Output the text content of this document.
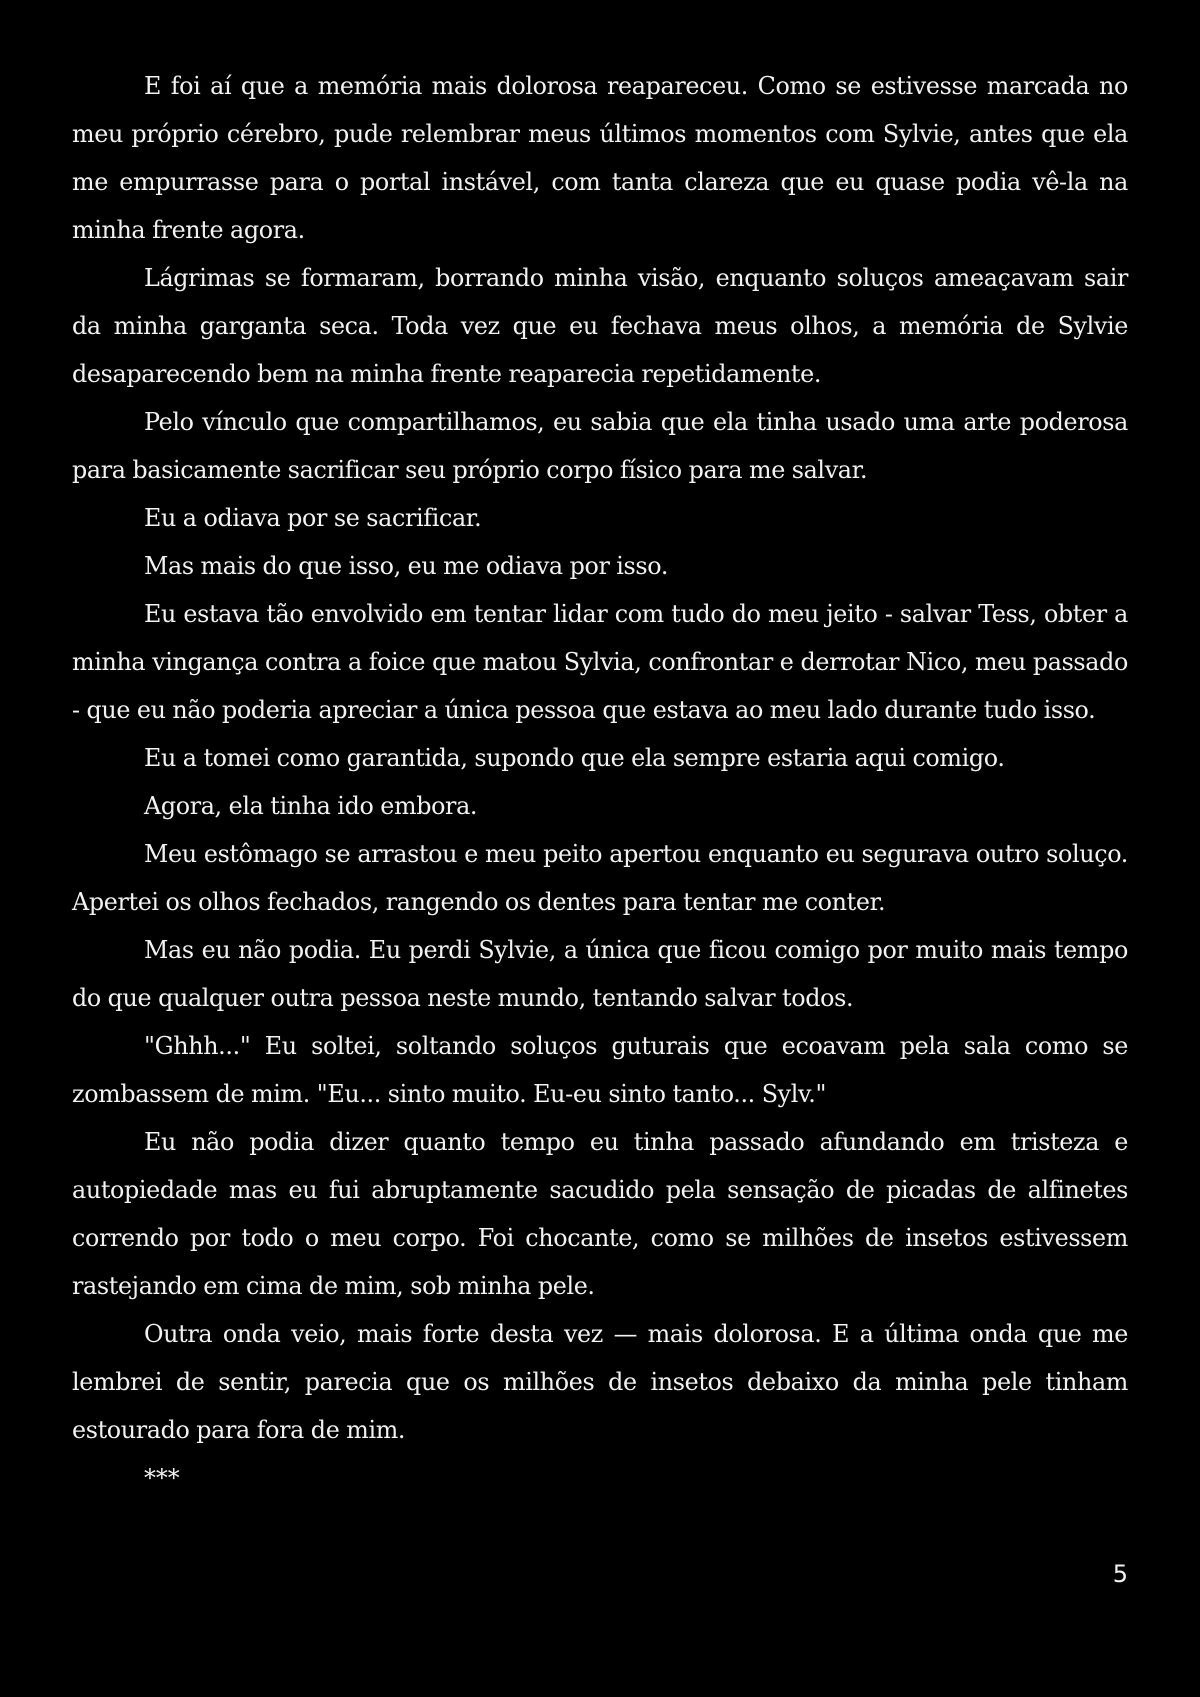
E foi aí que a memória mais dolorosa reapareceu. Como se estivesse marcada no meu próprio cérebro, pude relembrar meus últimos momentos com Sylvie, antes que ela me empurrasse para o portal instável, com tanta clareza que eu quase podia vê-la na minha frente agora.

Lágrimas se formaram, borrando minha visão, enquanto soluços ameaçavam sair da minha garganta seca. Toda vez que eu fechava meus olhos, a memória de Sylvie desaparecendo bem na minha frente reaparecia repetidamente.

Pelo vínculo que compartilhamos, eu sabia que ela tinha usado uma arte poderosa para basicamente sacrificar seu próprio corpo físico para me salvar.

Eu a odiava por se sacrificar.

Mas mais do que isso, eu me odiava por isso.

Eu estava tão envolvido em tentar lidar com tudo do meu jeito - salvar Tess, obter a minha vingança contra a foice que matou Sylvia, confrontar e derrotar Nico, meu passado - que eu não poderia apreciar a única pessoa que estava ao meu lado durante tudo isso.

Eu a tomei como garantida, supondo que ela sempre estaria aqui comigo.

Agora, ela tinha ido embora.

Meu estômago se arrastou e meu peito apertou enquanto eu segurava outro soluço. Apertei os olhos fechados, rangendo os dentes para tentar me conter.

Mas eu não podia. Eu perdi Sylvie, a única que ficou comigo por muito mais tempo do que qualquer outra pessoa neste mundo, tentando salvar todos.

"Ghhh..." Eu soltei, soltando soluços guturais que ecoavam pela sala como se zombassem de mim. "Eu... sinto muito. Eu-eu sinto tanto... Sylv."

Eu não podia dizer quanto tempo eu tinha passado afundando em tristeza e autopiedade mas eu fui abruptamente sacudido pela sensação de picadas de alfinetes correndo por todo o meu corpo. Foi chocante, como se milhões de insetos estivessem rastejando em cima de mim, sob minha pele.

Outra onda veio, mais forte desta vez — mais dolorosa. E a última onda que me lembrei de sentir, parecia que os milhões de insetos debaixo da minha pele tinham estourado para fora de mim.

***

5
